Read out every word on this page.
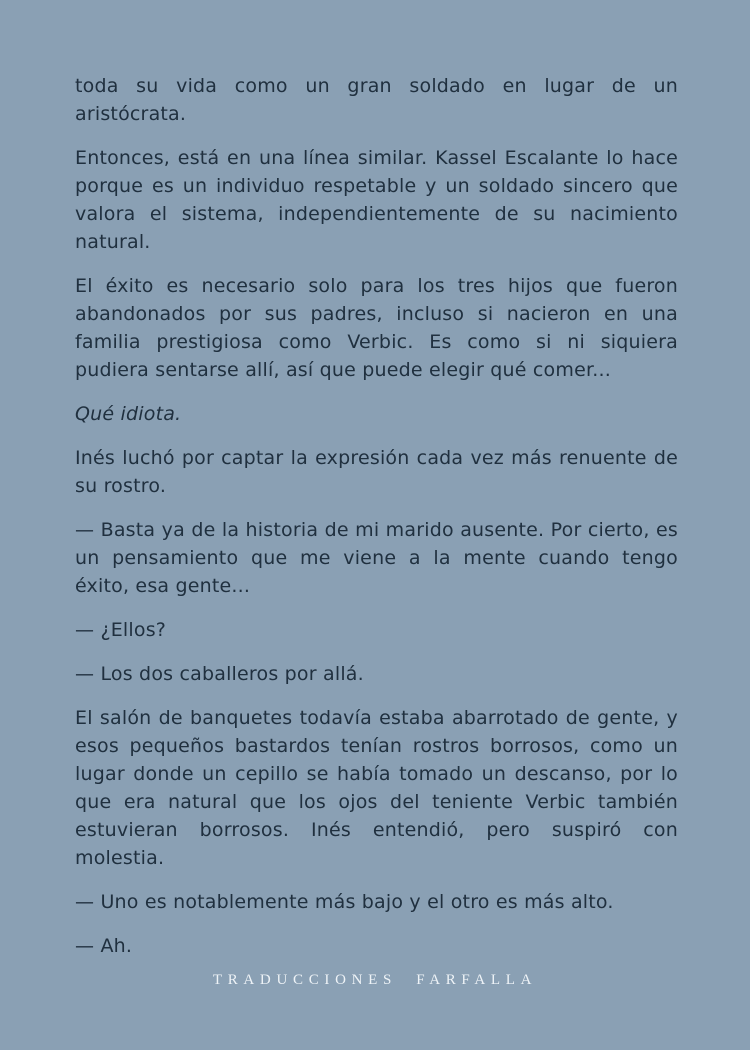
toda su vida como un gran soldado en lugar de un aristócrata.

Entonces, está en una línea similar. Kassel Escalante lo hace porque es un individuo respetable y un soldado sincero que valora el sistema, independientemente de su nacimiento natural.

El éxito es necesario solo para los tres hijos que fueron abandonados por sus padres, incluso si nacieron en una familia prestigiosa como Verbic. Es como si ni siquiera pudiera sentarse allí, así que puede elegir qué comer...

Qué idiota.

Inés luchó por captar la expresión cada vez más renuente de su rostro.

— Basta ya de la historia de mi marido ausente. Por cierto, es un pensamiento que me viene a la mente cuando tengo éxito, esa gente...

— ¿Ellos?

— Los dos caballeros por allá.

El salón de banquetes todavía estaba abarrotado de gente, y esos pequeños bastardos tenían rostros borrosos, como un lugar donde un cepillo se había tomado un descanso, por lo que era natural que los ojos del teniente Verbic también estuvieran borrosos. Inés entendió, pero suspiró con molestia.

— Uno es notablemente más bajo y el otro es más alto.

— Ah.

TRADUCCIONES FARFALLA
